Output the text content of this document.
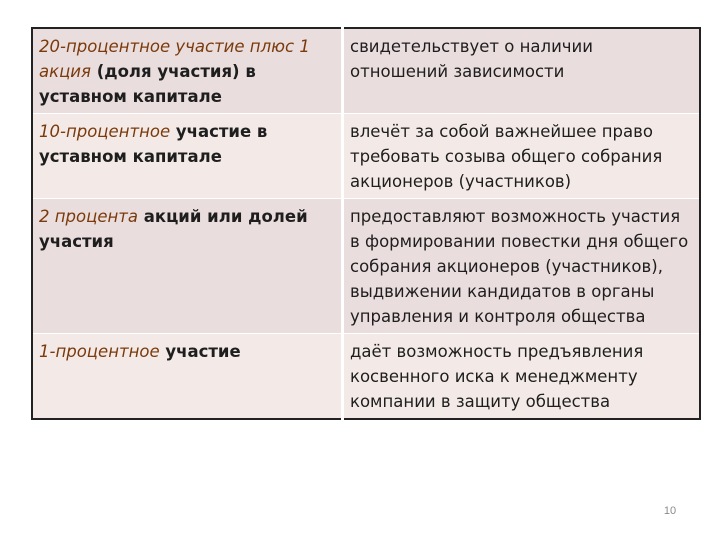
20-процентное участие плюс 1 акция (доля участия) в уставном капитале	свидетельствует о наличии отношений зависимости
10-процентное участие в уставном капитале	влечёт за собой важнейшее право требовать созыва общего собрания акционеров (участников)
2 процента акций или долей участия	предоставляют возможность участия в формировании повестки дня общего собрания акционеров (участников), выдвижении кандидатов в органы управления и контроля общества
1-процентное участие	даёт возможность предъявления косвенного иска к менеджменту компании в защиту общества
10
